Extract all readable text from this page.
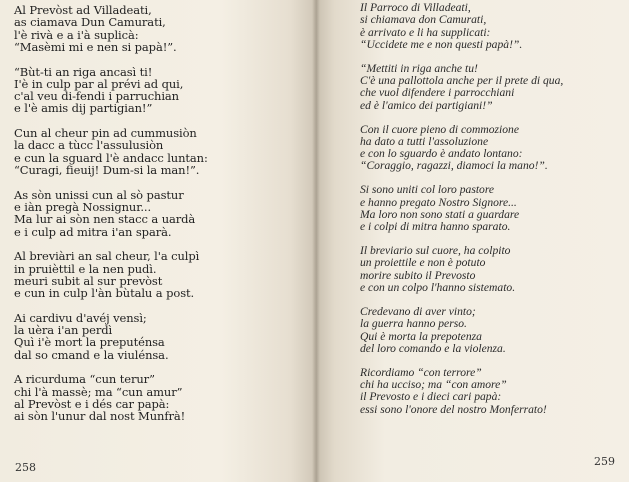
Al Prevòst ad Villadeati,
as ciamava Dun Camurati,
l'è rivà e a i'à suplicà:
“Masèmi mi e nen si papà!”.
“Bùt-ti an riga ancasì ti!
I'è in culp par al prévi ad qui,
c'al veu di-fendi i parruchian
e l'è amis dij partigian!”
Cun al cheur pin ad cummusiòn
la dacc a tùcc l'assulusiòn
e cun la sguard l'è andacc luntan:
“Curagi, fieuij! Dum-si la man!”.
As sòn unissi cun al sò pastur
e iàn pregà Nossignur...
Ma lur ai sòn nen stacc a uardà
e i culp ad mitra i'an sparà.
Al breviàri an sal cheur, l'a culpì
in pruièttil e la nen pudì.
meuri subit al sur prevòst
e cun in culp l'àn bùtalu a post.
Ai cardivu d'avéj vensì;
la uèra i'an perdì
Quì i'è mort la preputénsa
dal so cmand e la viulénsa.
A ricurduma “cun terur”
chi l'à massè; ma “cun amur”
al Prevòst e i dés car papà:
ai sòn l'unur dal nost Munfrà!
Il Parroco di Villadeati,
si chiamava don Camurati,
è arrivato e li ha supplicati:
“Uccidete me e non questi papà!”.
“Mettiti in riga anche tu!
C'è una pallottola anche per il prete di qua,
che vuol difendere i parrocchiani
ed è l'amico dei partigiani!”
Con il cuore pieno di commozione
ha dato a tutti l'assoluzione
e con lo sguardo è andato lontano:
“Coraggio, ragazzi, diamoci la mano!”.
Si sono uniti col loro pastore
e hanno pregato Nostro Signore...
Ma loro non sono stati a guardare
e i colpi di mitra hanno sparato.
Il breviario sul cuore, ha colpito
un proiettile e non è potuto
morire subito il Prevosto
e con un colpo l'hanno sistemato.
Credevano di aver vinto;
la guerra hanno perso.
Qui è morta la prepotenza
del loro comando e la violenza.
Ricordiamo “con terrore”
chi ha ucciso; ma “con amore”
il Prevosto e i dieci cari papà:
essi sono l'onore del nostro Monferrato!
258	259
